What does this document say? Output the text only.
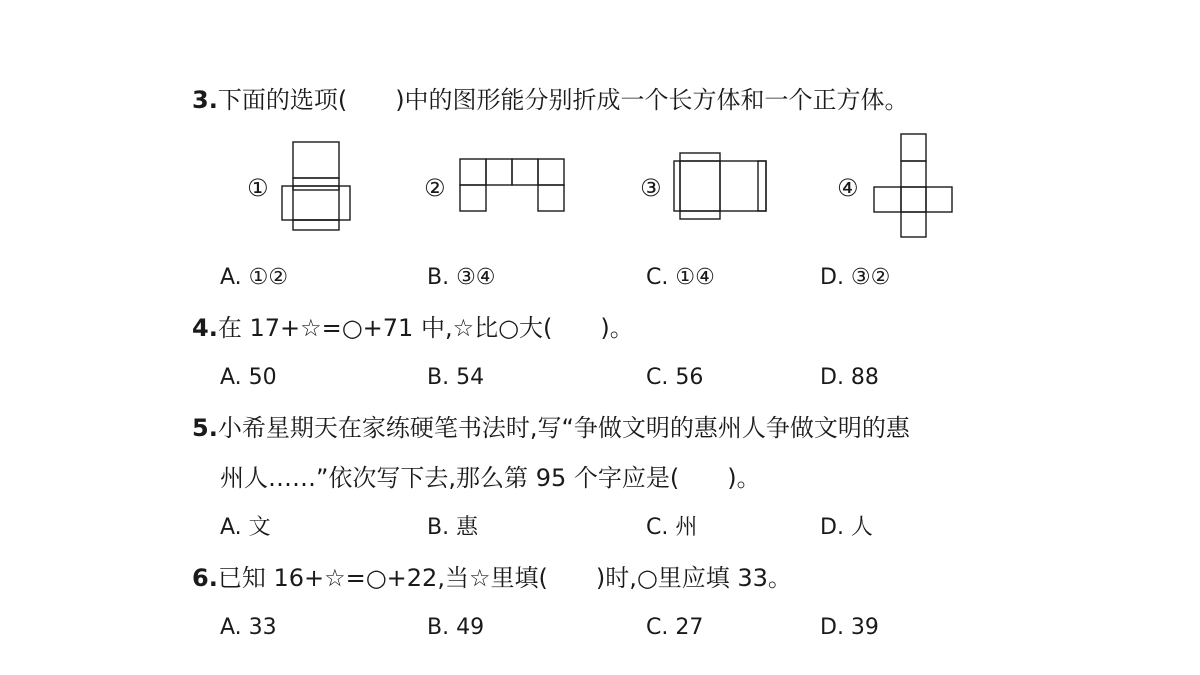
3.下面的选项(　　)中的图形能分别折成一个长方体和一个正方体。
①	②	③	④
A. ①②	B. ③④	C. ①④	D. ③②
4.在 17+☆=○+71 中,☆比○大(　　)。
A. 50	B. 54	C. 56	D. 88
5.小希星期天在家练硬笔书法时,写“争做文明的惠州人争做文明的惠
州人……”依次写下去,那么第 95 个字应是(　　)。
A. 文	B. 惠	C. 州	D. 人
6.已知 16+☆=○+22,当☆里填(　　)时,○里应填 33。
A. 33	B. 49	C. 27	D. 39
